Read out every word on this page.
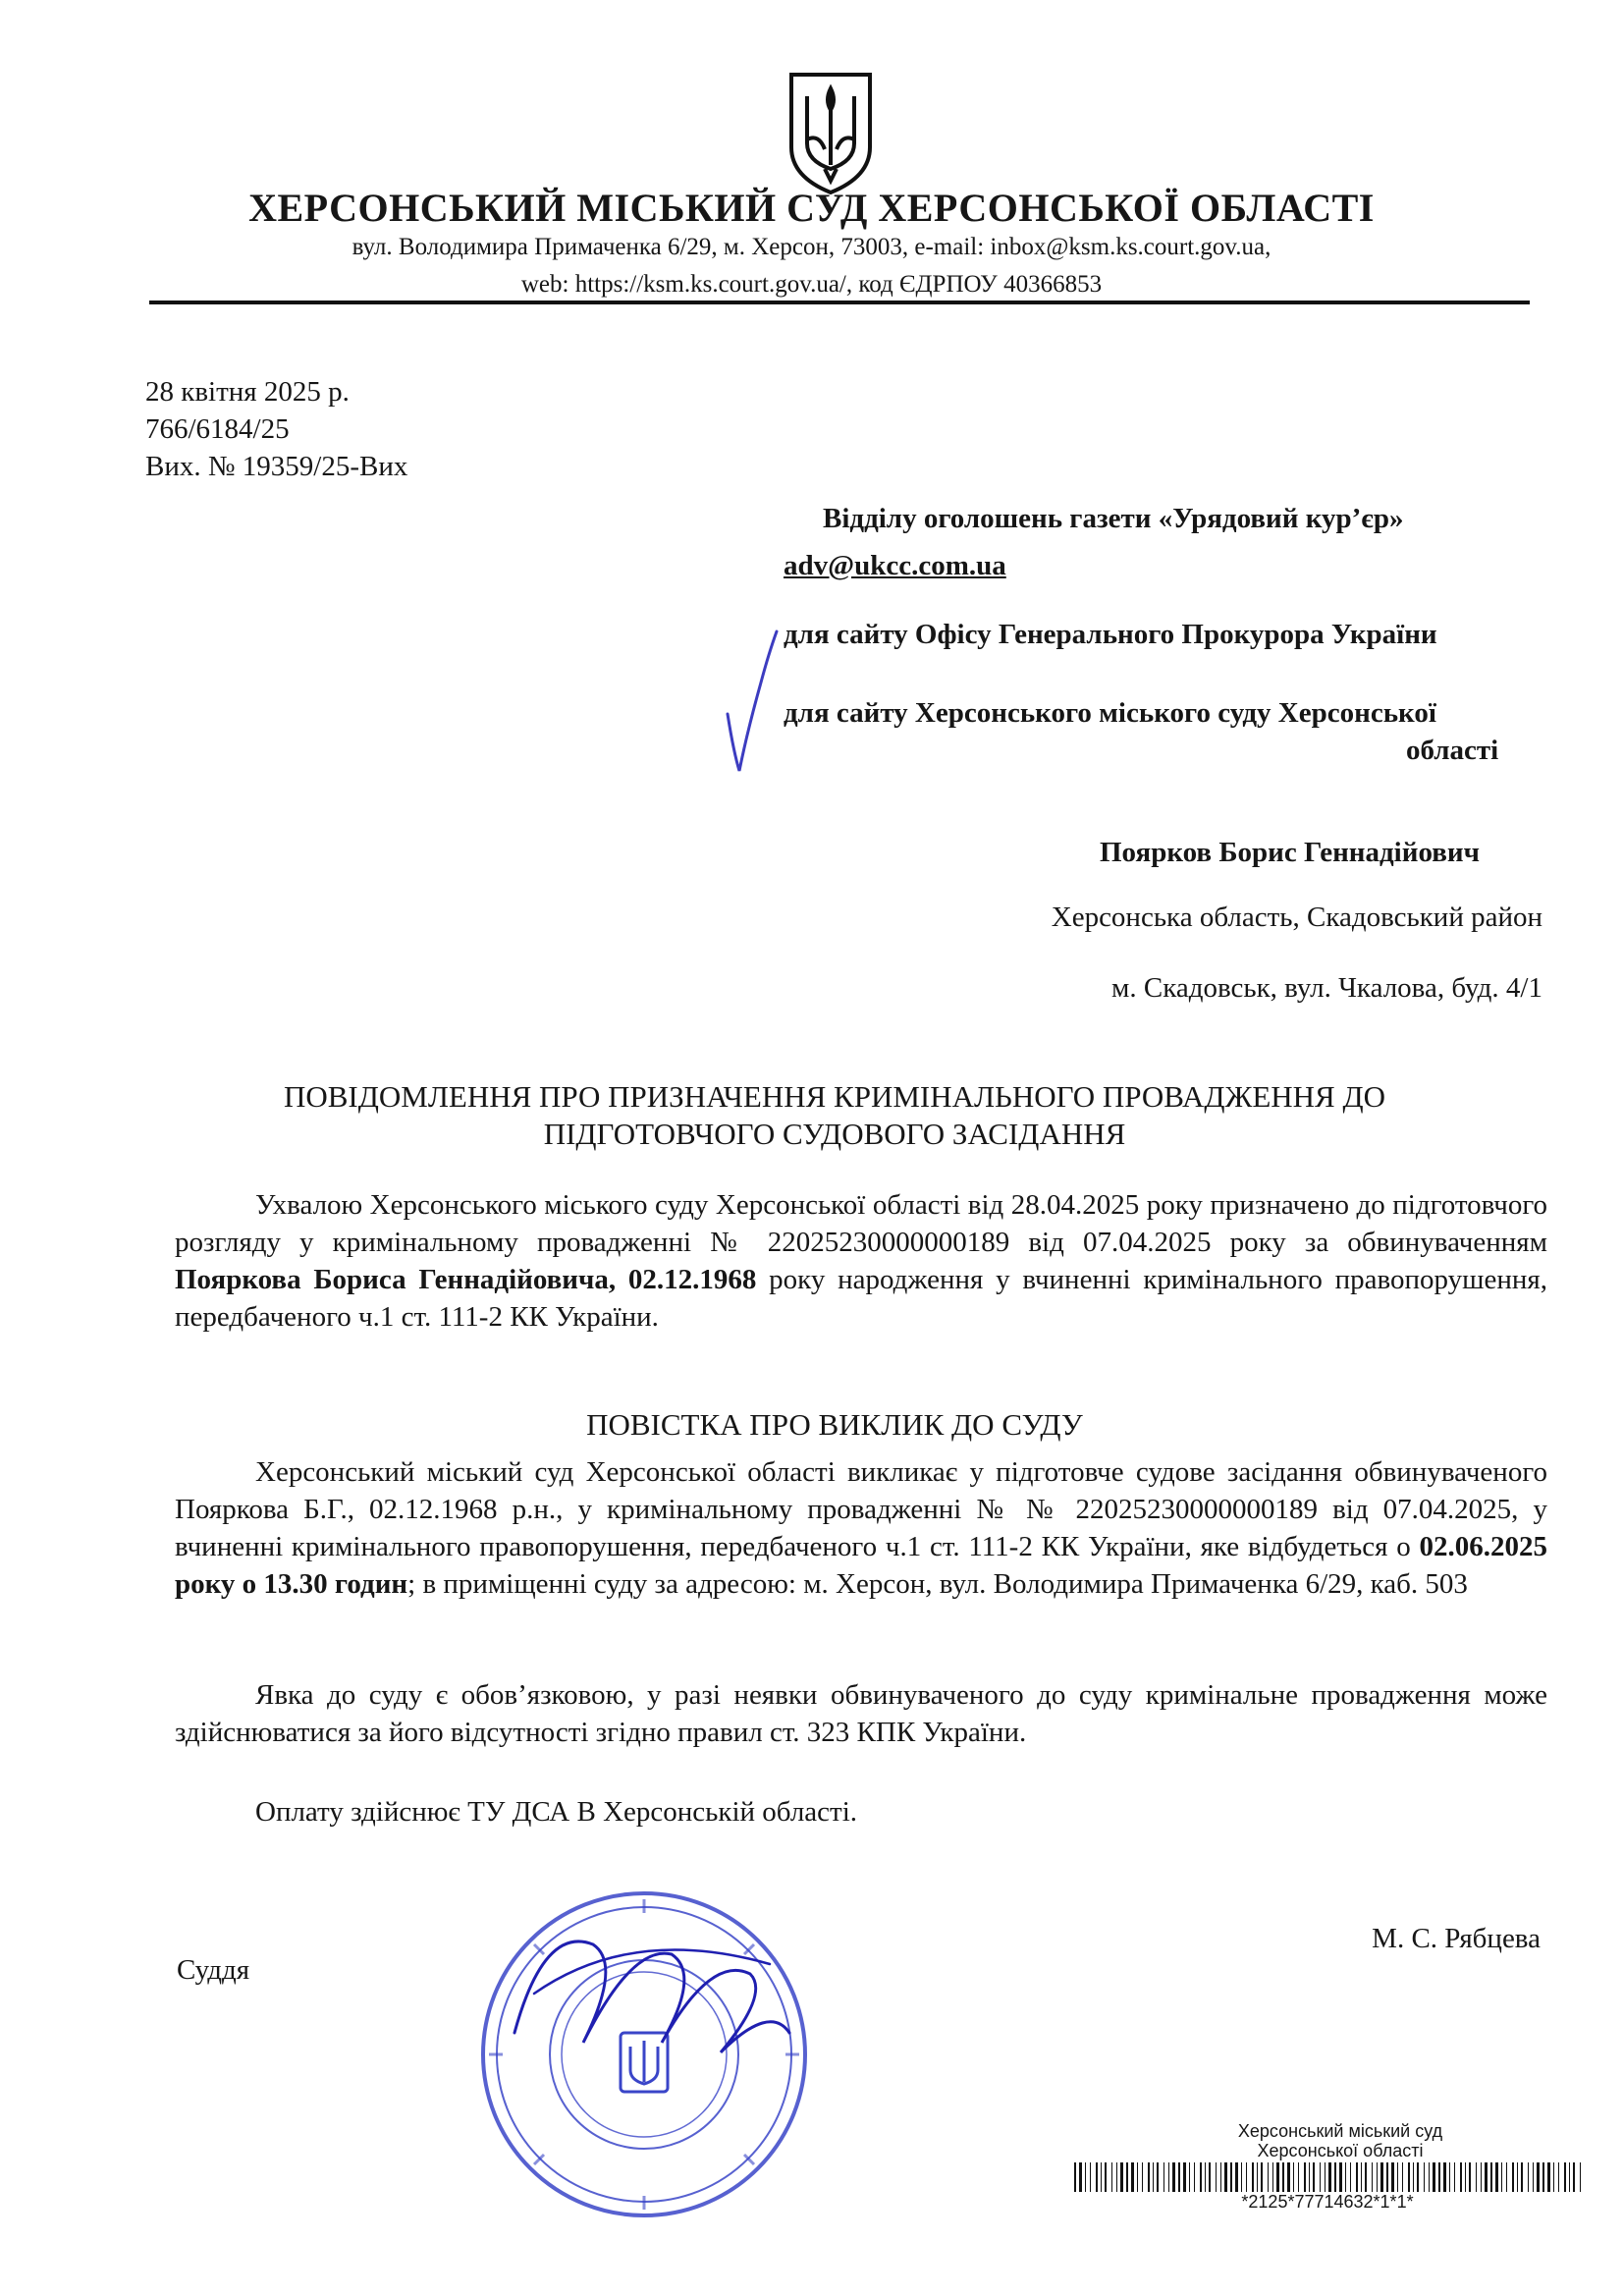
ХЕРСОНСЬКИЙ МІСЬКИЙ СУД ХЕРСОНСЬКОЇ ОБЛАСТІ
вул. Володимира Примаченка 6/29, м. Херсон, 73003, e-mail: inbox@ksm.ks.court.gov.ua,
web: https://ksm.ks.court.gov.ua/, код ЄДРПОУ 40366853
28 квітня 2025 р.
766/6184/25
Вих. № 19359/25-Вих
Відділу оголошень газети «Урядовий кур’єр»
adv@ukcc.com.ua
для сайту Офісу Генерального Прокурора України
для сайту Херсонського міського суду Херсонської
області
Поярков Борис Геннадійович
Херсонська область, Скадовський район
м. Скадовськ, вул. Чкалова, буд. 4/1
ПОВІДОМЛЕННЯ ПРО ПРИЗНАЧЕННЯ КРИМІНАЛЬНОГО ПРОВАДЖЕННЯ ДО
ПІДГОТОВЧОГО СУДОВОГО ЗАСІДАННЯ
Ухвалою Херсонського міського суду Херсонської області від 28.04.2025 року призначено до підготовчого розгляду у кримінальному провадженні № 22025230000000189 від 07.04.2025 року за обвинуваченням Пояркова Бориса Геннадійовича, 02.12.1968 року народження у вчиненні кримінального правопорушення, передбаченого ч.1 ст. 111-2 КК України.
ПОВІСТКА ПРО ВИКЛИК ДО СУДУ
Херсонський міський суд Херсонської області викликає у підготовче судове засідання обвинуваченого Пояркова Б.Г., 02.12.1968 р.н., у кримінальному провадженні № № 22025230000000189 від 07.04.2025, у вчиненні кримінального правопорушення, передбаченого ч.1 ст. 111-2 КК України, яке відбудеться о 02.06.2025 року о 13.30 годин; в приміщенні суду за адресою: м. Херсон, вул. Володимира Примаченка 6/29, каб. 503
Явка до суду є обов’язковою, у разі неявки обвинуваченого до суду кримінальне провадження може здійснюватися за його відсутності згідно правил ст. 323 КПК України.
Оплату здійснює ТУ ДСА В Херсонській області.
Суддя
М. С. Рябцева
Херсонський міський суд
Херсонської області
*2125*77714632*1*1*
